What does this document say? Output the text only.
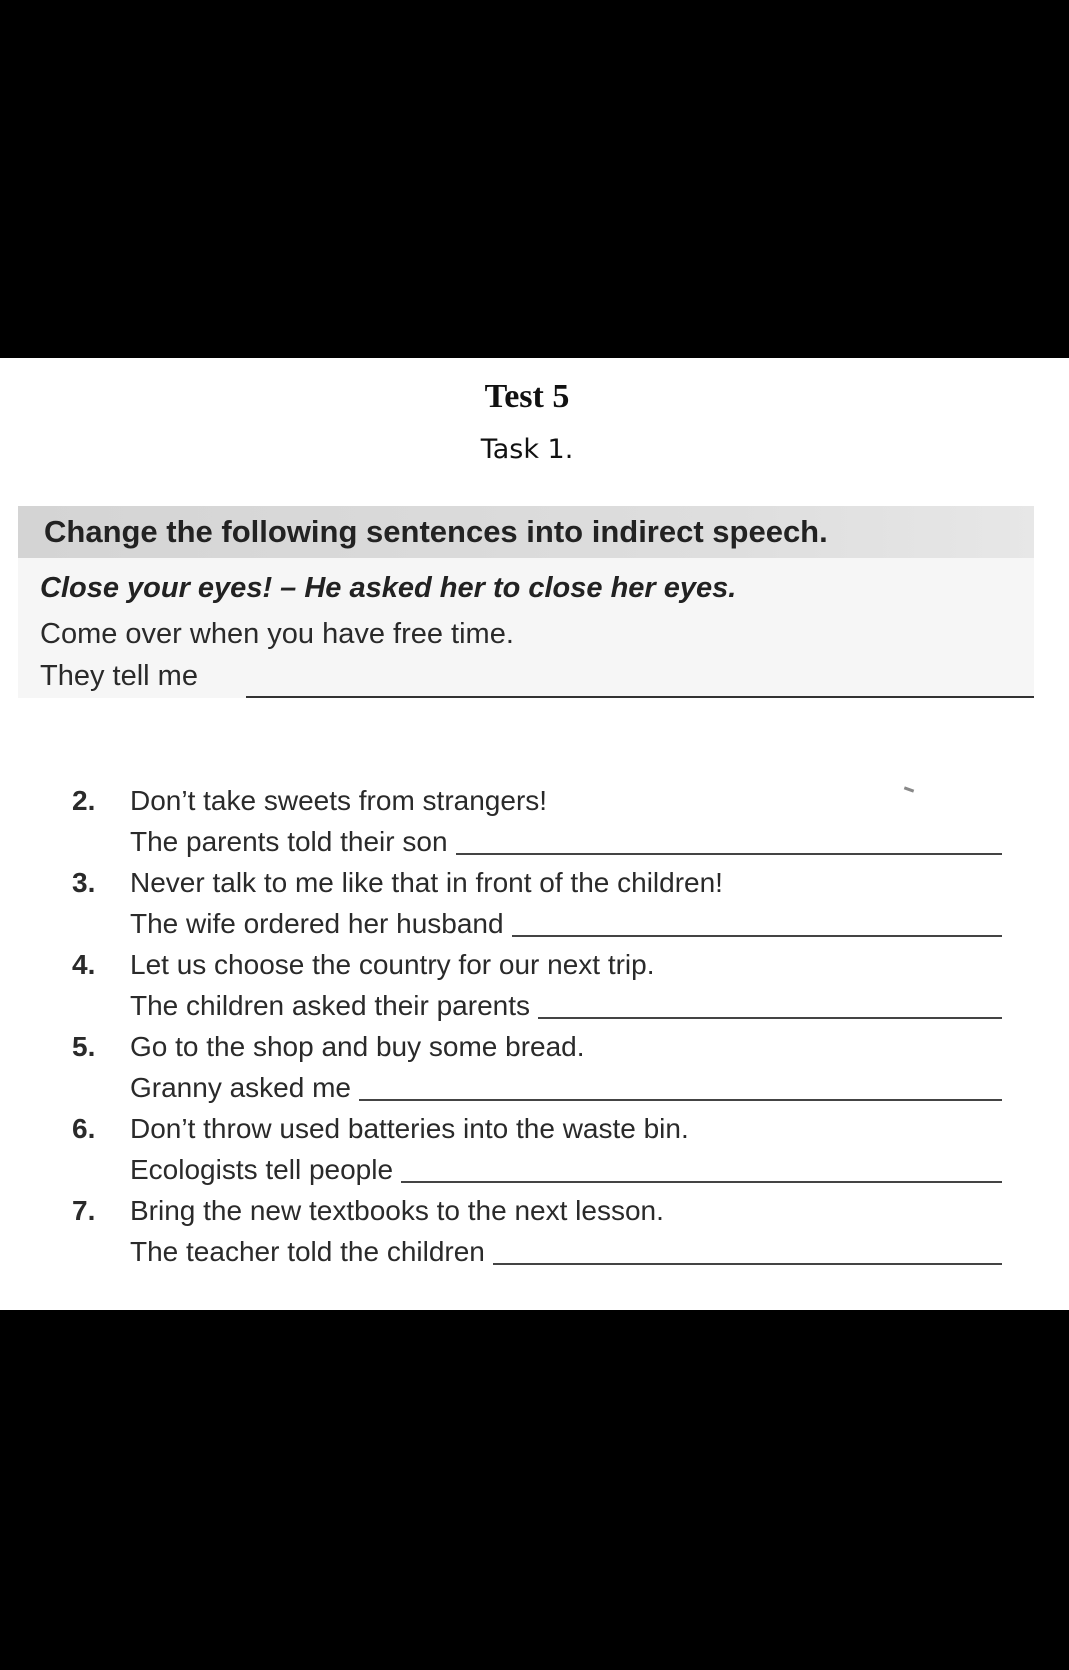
Test 5
Task 1.
Change the following sentences into indirect speech.
Close your eyes! – He asked her to close her eyes.
Come over when you have free time.
They tell me
2. Don’t take sweets from strangers!
The parents told their son
3. Never talk to me like that in front of the children!
The wife ordered her husband
4. Let us choose the country for our next trip.
The children asked their parents
5. Go to the shop and buy some bread.
Granny asked me
6. Don’t throw used batteries into the waste bin.
Ecologists tell people
7. Bring the new textbooks to the next lesson.
The teacher told the children
